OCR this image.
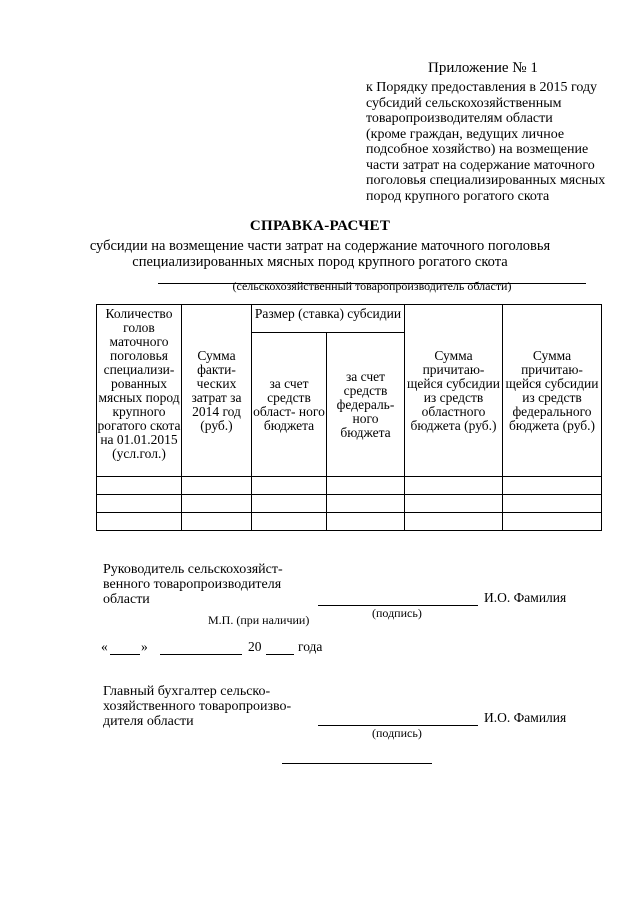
Приложение № 1
к Порядку предоставления в 2015 году
субсидий сельскохозяйственным
товаропроизводителям области
(кроме граждан, ведущих личное
подсобное хозяйство) на возмещение
части затрат на содержание маточного
поголовья специализированных мясных
пород крупного рогатого скота
СПРАВКА-РАСЧЕТ
субсидии на возмещение части затрат на содержание маточного поголовья
специализированных мясных пород крупного рогатого скота
(сельскохозяйственный товаропроизводитель области)
Количество голов маточного поголовья специализи- рованных мясных пород крупного рогатого скота на 01.01.2015 (усл.гол.)	Сумма факти- ческих затрат за 2014 год (руб.)	Размер (ставка) субсидии		Сумма причитаю- щейся субсидии из средств областного бюджета (руб.)	Сумма причитаю- щейся субсидии из средств федерального бюджета (руб.)
		за счет средств област- ного бюджета	за счет средств федераль- ного бюджета		

Руководитель сельскохозяйст-
венного товаропроизводителя
области	И.О. Фамилия
(подпись)
М.П. (при наличии)
« »	20	года
Главный бухгалтер сельско-
хозяйственного товаропроизво-
дителя области	И.О. Фамилия
(подпись)
